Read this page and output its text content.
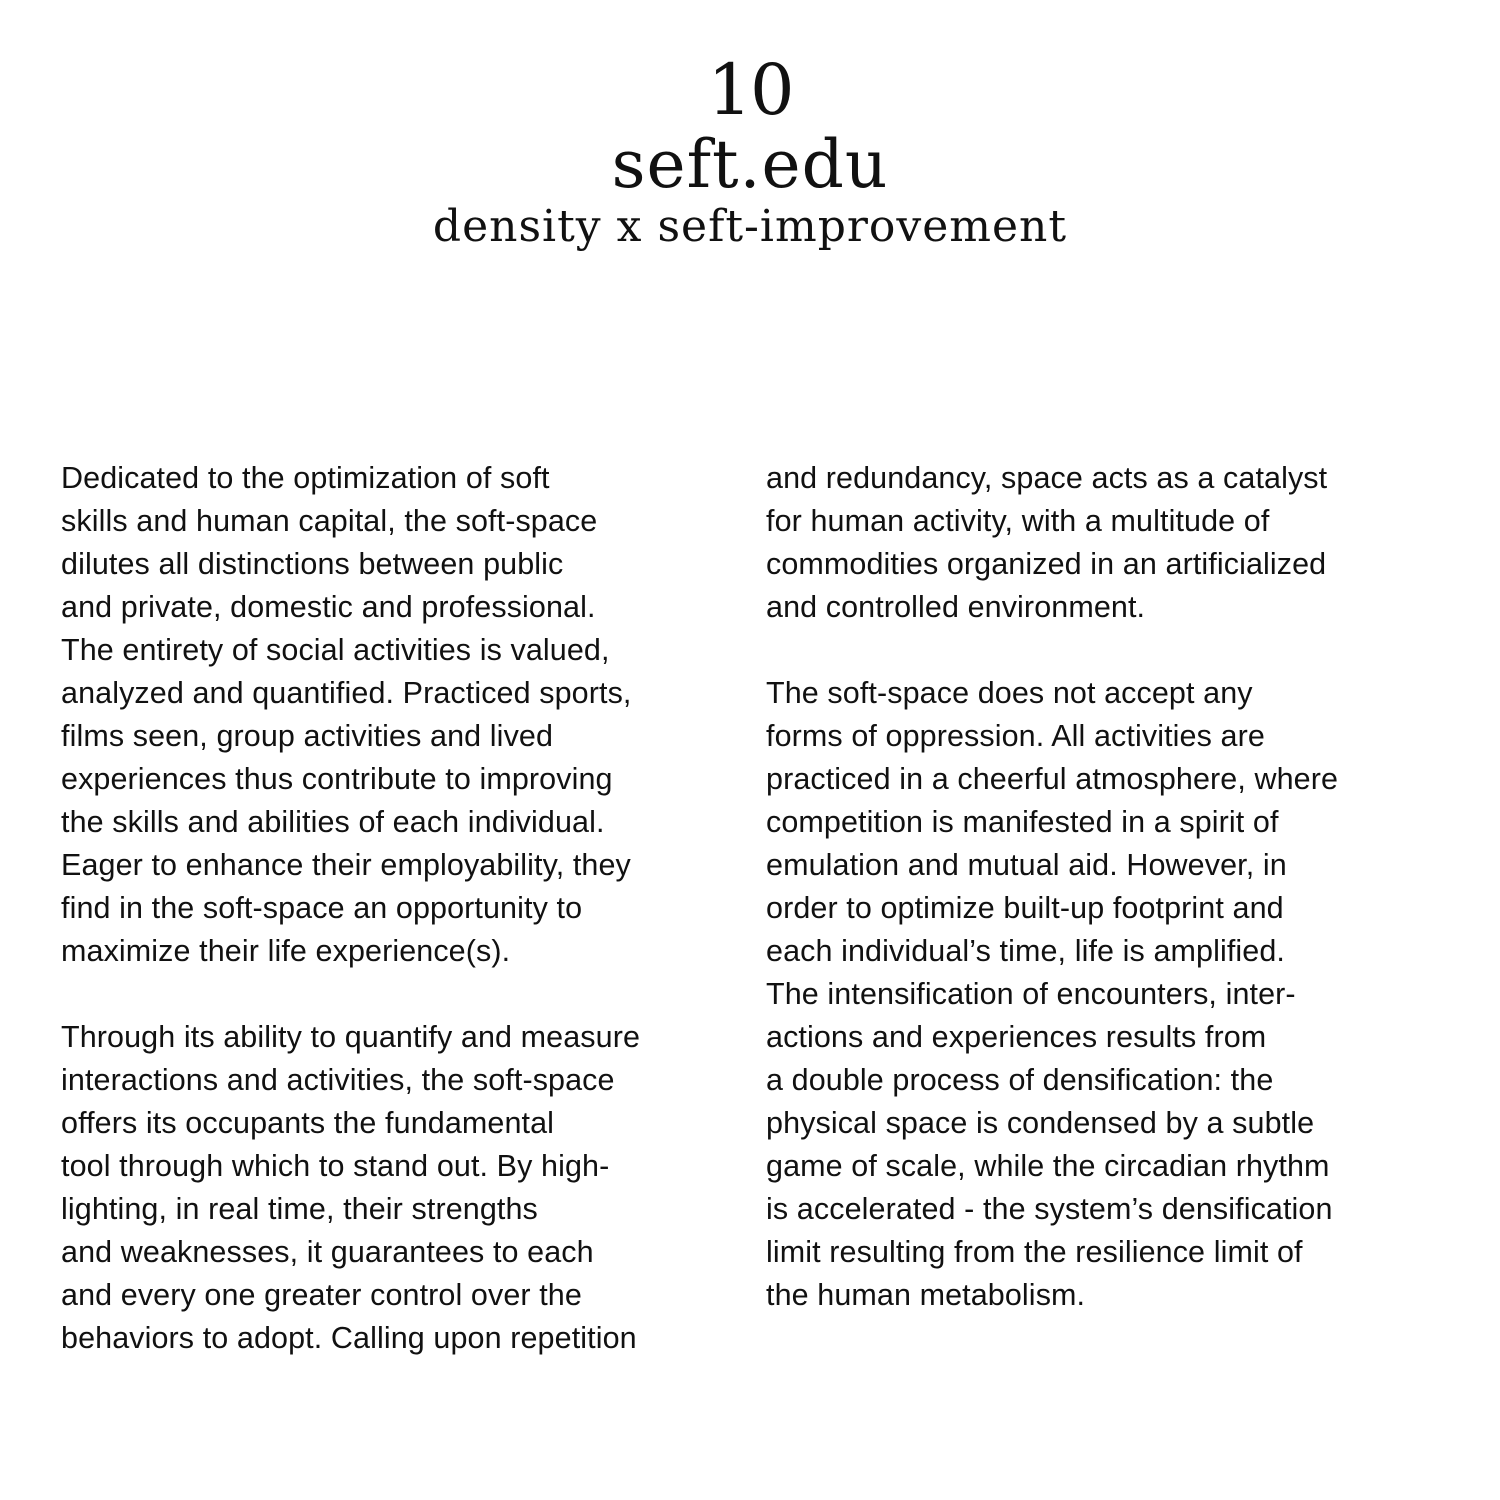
10
seft.edu
density x seft-improvement
Dedicated to the optimization of soft
skills and human capital, the soft-space
dilutes all distinctions between public
and private, domestic and professional.
The entirety of social activities is valued,
analyzed and quantified. Practiced sports,
films seen, group activities and lived
experiences thus contribute to improving
the skills and abilities of each individual.
Eager to enhance their employability, they
find in the soft-space an opportunity to
maximize their life experience(s).
Through its ability to quantify and measure
interactions and activities, the soft-space
offers its occupants the fundamental
tool through which to stand out. By high-
lighting, in real time, their strengths
and weaknesses, it guarantees to each
and every one greater control over the
behaviors to adopt. Calling upon repetition
and redundancy, space acts as a catalyst
for human activity, with a multitude of
commodities organized in an artificialized
and controlled environment.
The soft-space does not accept any
forms of oppression. All activities are
practiced in a cheerful atmosphere, where
competition is manifested in a spirit of
emulation and mutual aid. However, in
order to optimize built-up footprint and
each individual’s time, life is amplified.
The intensification of encounters, inter-
actions and experiences results from
a double process of densification: the
physical space is condensed by a subtle
game of scale, while the circadian rhythm
is accelerated - the system’s densification
limit resulting from the resilience limit of
the human metabolism.
